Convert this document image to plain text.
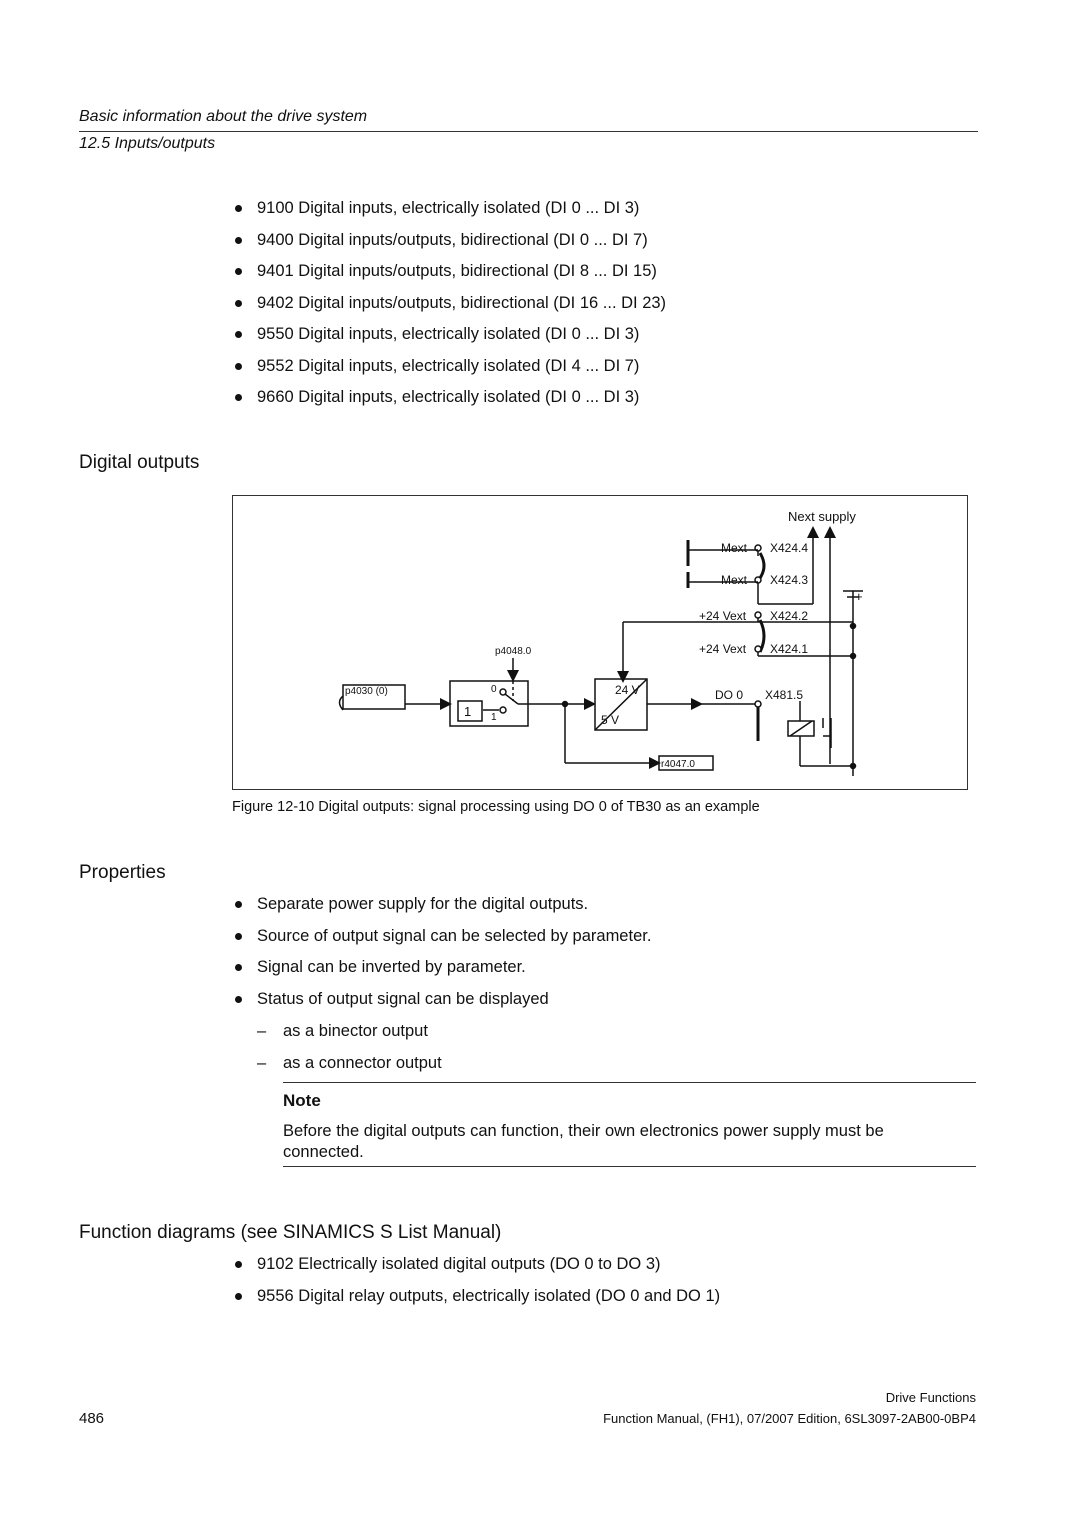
Basic information about the drive system
12.5 Inputs/outputs
9100 Digital inputs, electrically isolated (DI 0 ... DI 3)
9400 Digital inputs/outputs, bidirectional (DI 0 ... DI 7)
9401 Digital inputs/outputs, bidirectional (DI 8 ... DI 15)
9402 Digital inputs/outputs, bidirectional (DI 16 ... DI 23)
9550 Digital inputs, electrically isolated (DI 0 ... DI 3)
9552 Digital inputs, electrically isolated (DI 4 ... DI 7)
9660 Digital inputs, electrically isolated (DI 0 ... DI 3)
Digital outputs
Next supply
Mext X424.4
Mext X424.3
+
+24 Vext X424.2
+24 Vext X424.1
p4048.0
p4030 (0)	0
1 1
24 V
5 V
DO 0 X481.5
r4047.0
Figure 12-10 Digital outputs: signal processing using DO 0 of TB30 as an example
Properties
Separate power supply for the digital outputs.
Source of output signal can be selected by parameter.
Signal can be inverted by parameter.
Status of output signal can be displayed
– as a binector output
– as a connector output
Note
Before the digital outputs can function, their own electronics power supply must be connected.
Function diagrams (see SINAMICS S List Manual)
9102 Electrically isolated digital outputs (DO 0 to DO 3)
9556 Digital relay outputs, electrically isolated (DO 0 and DO 1)
Drive Functions
486	Function Manual, (FH1), 07/2007 Edition, 6SL3097-2AB00-0BP4
